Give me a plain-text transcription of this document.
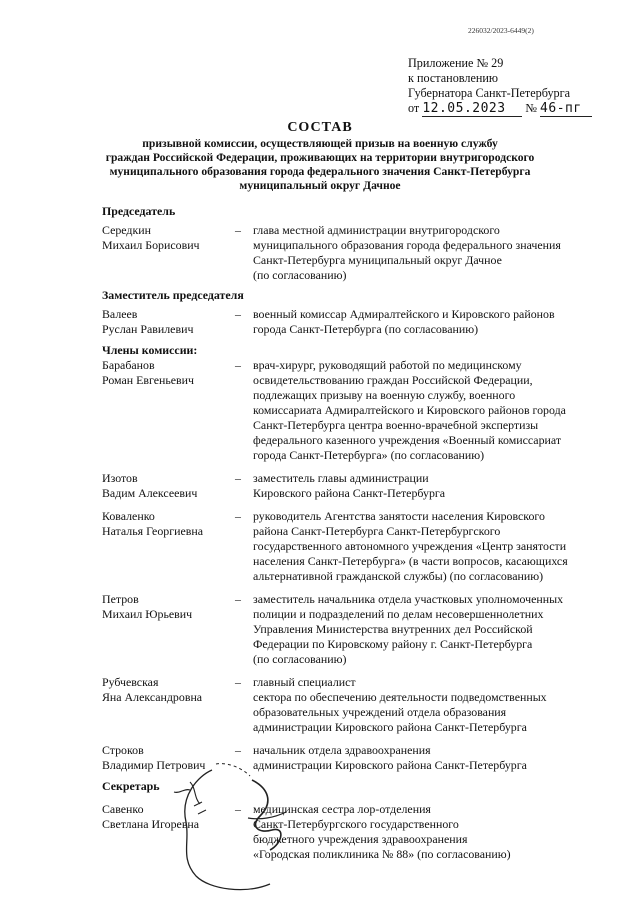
226032/2023-6449(2)
Приложение № 29
к постановлению
Губернатора Санкт-Петербурга
от 12.05.2023 № 46-пг
СОСТАВ
призывной комиссии, осуществляющей призыв на военную службу
граждан Российской Федерации, проживающих на территории внутригородского
муниципального образования города федерального значения Санкт-Петербурга
муниципальный округ Дачное
Председатель
Середкин
Михаил Борисович
–	глава местной администрации внутригородского
муниципального образования города федерального значения
Санкт-Петербурга муниципальный округ Дачное
(по согласованию)
Заместитель председателя
Валеев
Руслан Равилевич
–	военный комиссар Адмиралтейского и Кировского районов
города Санкт-Петербурга (по согласованию)
Члены комиссии:
Барабанов
Роман Евгеньевич
–	врач-хирург, руководящий работой по медицинскому
освидетельствованию граждан Российской Федерации,
подлежащих призыву на военную службу, военного
комиссариата Адмиралтейского и Кировского районов города
Санкт-Петербурга центра военно-врачебной экспертизы
федерального казенного учреждения «Военный комиссариат
города Санкт-Петербурга» (по согласованию)
Изотов
Вадим Алексеевич
–	заместитель главы администрации
Кировского района Санкт-Петербурга
Коваленко
Наталья Георгиевна
–	руководитель Агентства занятости населения Кировского
района Санкт-Петербурга Санкт-Петербургского
государственного автономного учреждения «Центр занятости
населения Санкт-Петербурга» (в части вопросов, касающихся
альтернативной гражданской службы) (по согласованию)
Петров
Михаил Юрьевич
–	заместитель начальника отдела участковых уполномоченных
полиции и подразделений по делам несовершеннолетних
Управления Министерства внутренних дел Российской
Федерации по Кировскому району г. Санкт-Петербурга
(по согласованию)
Рубчевская
Яна Александровна
–	главный специалист
сектора по обеспечению деятельности подведомственных
образовательных учреждений отдела образования
администрации Кировского района Санкт-Петербурга
Строков
Владимир Петрович
–	начальник отдела здравоохранения
администрации Кировского района Санкт-Петербурга
Секретарь
Савенко
Светлана Игоревна
–	медицинская сестра лор-отделения
Санкт-Петербургского государственного
бюджетного учреждения здравоохранения
«Городская поликлиника № 88» (по согласованию)
